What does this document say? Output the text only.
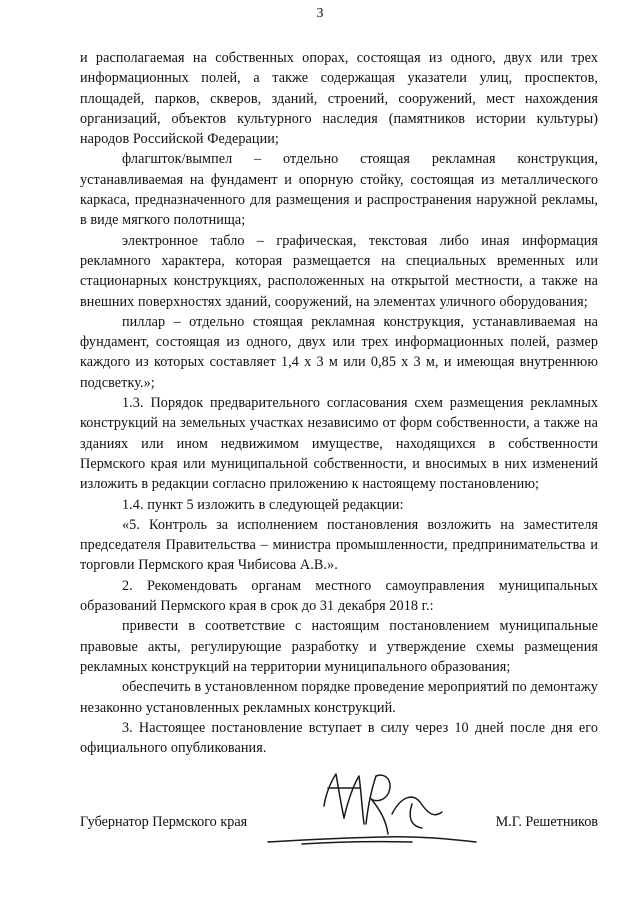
3

и располагаемая на собственных опорах, состоящая из одного, двух или трех информационных полей, а также содержащая указатели улиц, проспектов, площадей, парков, скверов, зданий, строений, сооружений, мест нахождения организаций, объектов культурного наследия (памятников истории культуры) народов Российской Федерации;

флагшток/вымпел – отдельно стоящая рекламная конструкция, устанавливаемая на фундамент и опорную стойку, состоящая из металлического каркаса, предназначенного для размещения и распространения наружной рекламы, в виде мягкого полотнища;

электронное табло – графическая, текстовая либо иная информация рекламного характера, которая размещается на специальных временных или стационарных конструкциях, расположенных на открытой местности, а также на внешних поверхностях зданий, сооружений, на элементах уличного оборудования;

пиллар – отдельно стоящая рекламная конструкция, устанавливаемая на фундамент, состоящая из одного, двух или трех информационных полей, размер каждого из которых составляет 1,4 х 3 м или 0,85 х 3 м, и имеющая внутреннюю подсветку.»;

1.3. Порядок предварительного согласования схем размещения рекламных конструкций на земельных участках независимо от форм собственности, а также на зданиях или ином недвижимом имуществе, находящихся в собственности Пермского края или муниципальной собственности, и вносимых в них изменений изложить в редакции согласно приложению к настоящему постановлению;

1.4. пункт 5 изложить в следующей редакции:

«5. Контроль за исполнением постановления возложить на заместителя председателя Правительства – министра промышленности, предпринимательства и торговли Пермского края Чибисова А.В.».

2. Рекомендовать органам местного самоуправления муниципальных образований Пермского края в срок до 31 декабря 2018 г.:

привести в соответствие с настоящим постановлением муниципальные правовые акты, регулирующие разработку и утверждение схемы размещения рекламных конструкций на территории муниципального образования;

обеспечить в установленном порядке проведение мероприятий по демонтажу незаконно установленных рекламных конструкций.

3. Настоящее постановление вступает в силу через 10 дней после дня его официального опубликования.

Губернатор Пермского края	М.Г. Решетников
